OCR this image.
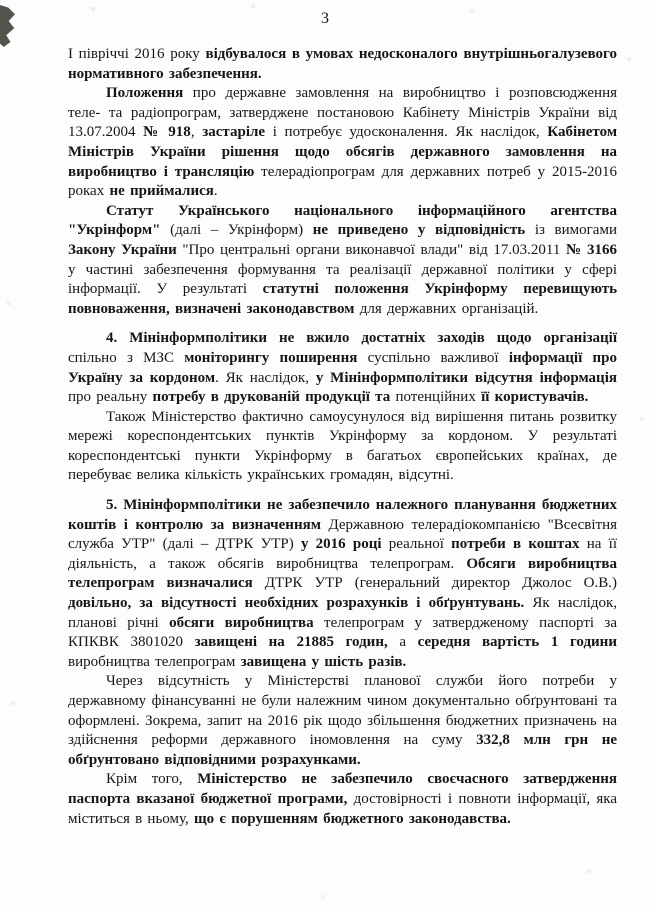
3

І півріччі 2016 року відбувалося в умовах недосконалого внутрішньогалузевого нормативного забезпечення.

Положення про державне замовлення на виробництво і розповсюдження теле- та радіопрограм, затверджене постановою Кабінету Міністрів України від 13.07.2004 № 918, застаріле і потребує удосконалення. Як наслідок, Кабінетом Міністрів України рішення щодо обсягів державного замовлення на виробництво і трансляцію телерадіопрограм для державних потреб у 2015-2016 роках не приймалися.

Статут Українського національного інформаційного агентства "Укрінформ" (далі – Укрінформ) не приведено у відповідність із вимогами Закону України "Про центральні органи виконавчої влади" від 17.03.2011 № 3166 у частині забезпечення формування та реалізації державної політики у сфері інформації. У результаті статутні положення Укрінформу перевищують повноваження, визначені законодавством для державних організацій.

4. Мінінформполітики не вжило достатніх заходів щодо організації спільно з МЗС моніторингу поширення суспільно важливої інформації про Україну за кордоном. Як наслідок, у Мінінформполітики відсутня інформація про реальну потребу в друкованій продукції та потенційних її користувачів.

Також Міністерство фактично самоусунулося від вирішення питань розвитку мережі кореспондентських пунктів Укрінформу за кордоном. У результаті кореспондентські пункти Укрінформу в багатьох європейських країнах, де перебуває велика кількість українських громадян, відсутні.

5. Мінінформполітики не забезпечило належного планування бюджетних коштів і контролю за визначенням Державною телерадіокомпанією "Всесвітня служба УТР" (далі – ДТРК УТР) у 2016 році реальної потреби в коштах на її діяльність, а також обсягів виробництва телепрограм. Обсяги виробництва телепрограм визначалися ДТРК УТР (генеральний директор Джолос О.В.) довільно, за відсутності необхідних розрахунків і обґрунтувань. Як наслідок, планові річні обсяги виробництва телепрограм у затвердженому паспорті за КПКВК 3801020 завищені на 21885 годин, а середня вартість 1 години виробництва телепрограм завищена у шість разів.

Через відсутність у Міністерстві планової служби його потреби у державному фінансуванні не були належним чином документально обґрунтовані та оформлені. Зокрема, запит на 2016 рік щодо збільшення бюджетних призначень на здійснення реформи державного іномовлення на суму 332,8 млн грн не обґрунтовано відповідними розрахунками.

Крім того, Міністерство не забезпечило своєчасного затвердження паспорта вказаної бюджетної програми, достовірності і повноти інформації, яка міститься в ньому, що є порушенням бюджетного законодавства.
